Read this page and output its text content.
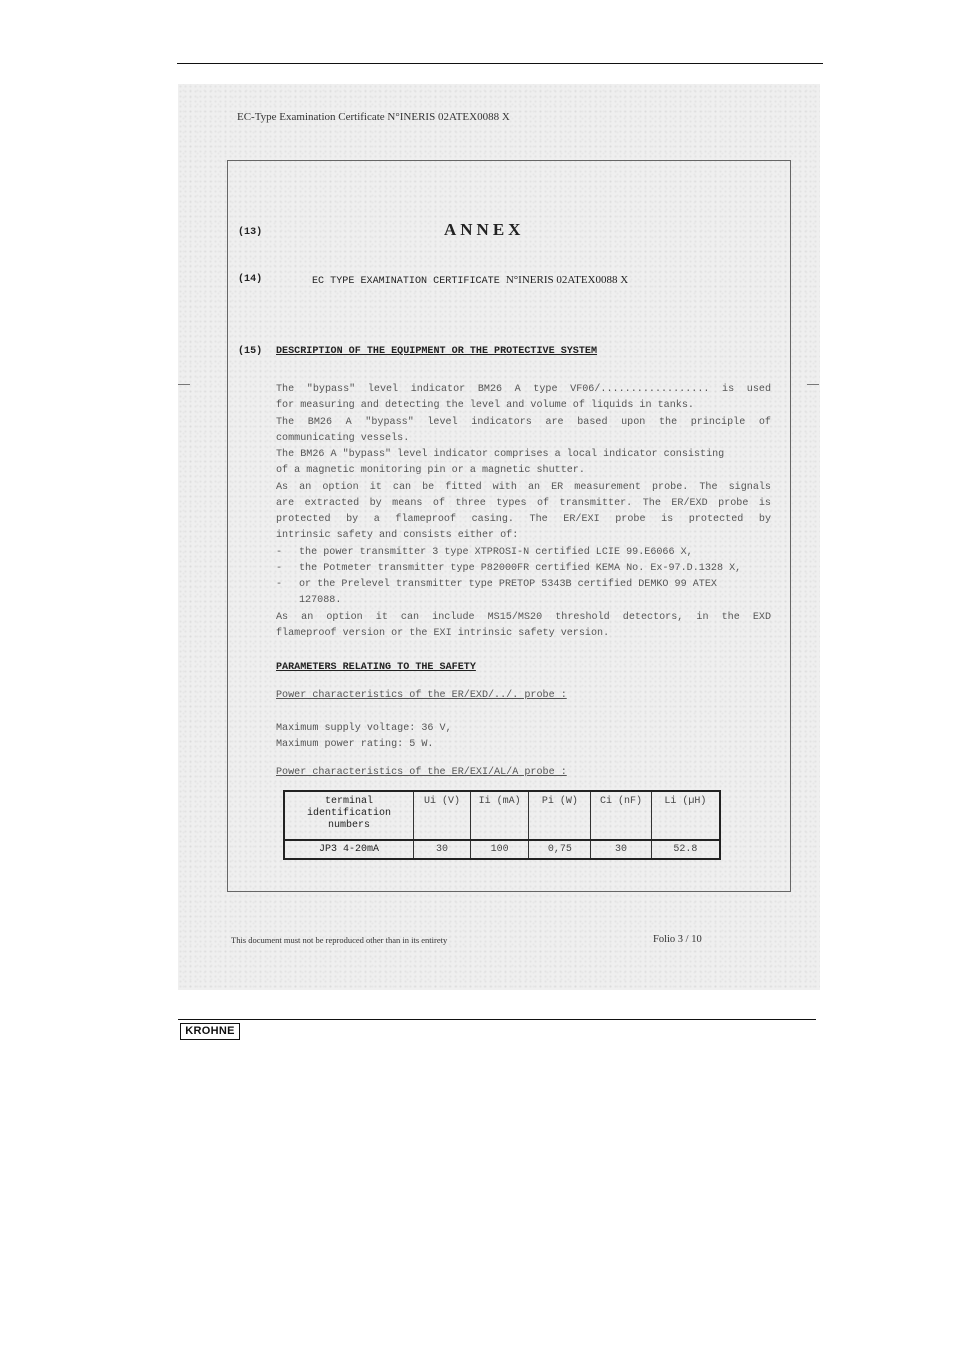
EC-Type Examination Certificate N°INERIS 02ATEX0088 X
(13)	ANNEX
(14)	EC TYPE EXAMINATION CERTIFICATE N°INERIS 02ATEX0088 X
(15) DESCRIPTION OF THE EQUIPMENT OR THE PROTECTIVE SYSTEM
The "bypass" level indicator BM26 A type VF06/.................. is used
for measuring and detecting the level and volume of liquids in tanks.
The BM26 A "bypass" level indicators are based upon the principle of
communicating vessels.
The BM26 A "bypass" level indicator comprises a local indicator consisting
of a magnetic monitoring pin or a magnetic shutter.
As an option it can be fitted with an ER measurement probe. The signals
are extracted by means of three types of transmitter. The ER/EXD probe is
protected by a flameproof casing. The ER/EXI probe is protected by
intrinsic safety and consists either of:
-	the power transmitter 3 type XTPROSI-N certified LCIE 99.E6066 X,
-	the Potmeter transmitter type P82000FR certified KEMA No. Ex-97.D.1328 X,
-	or the Prelevel transmitter type PRETOP 5343B certified DEMKO 99 ATEX
127088.
As an option it can include MS15/MS20 threshold detectors, in the EXD
flameproof version or the EXI intrinsic safety version.
PARAMETERS RELATING TO THE SAFETY
Power characteristics of the ER/EXD/../. probe :
Maximum supply voltage: 36 V,
Maximum power rating: 5 W.
Power characteristics of the ER/EXI/AL/A probe :
terminal
identification
numbers	Ui (V)	Ii (mA)	Pi (W)	Ci (nF)	Li (µH)
JP3 4-20mA	30	100	0,75	30	52.8
This document must not be reproduced other than in its entirety	Folio 3 / 10
KROHNE
